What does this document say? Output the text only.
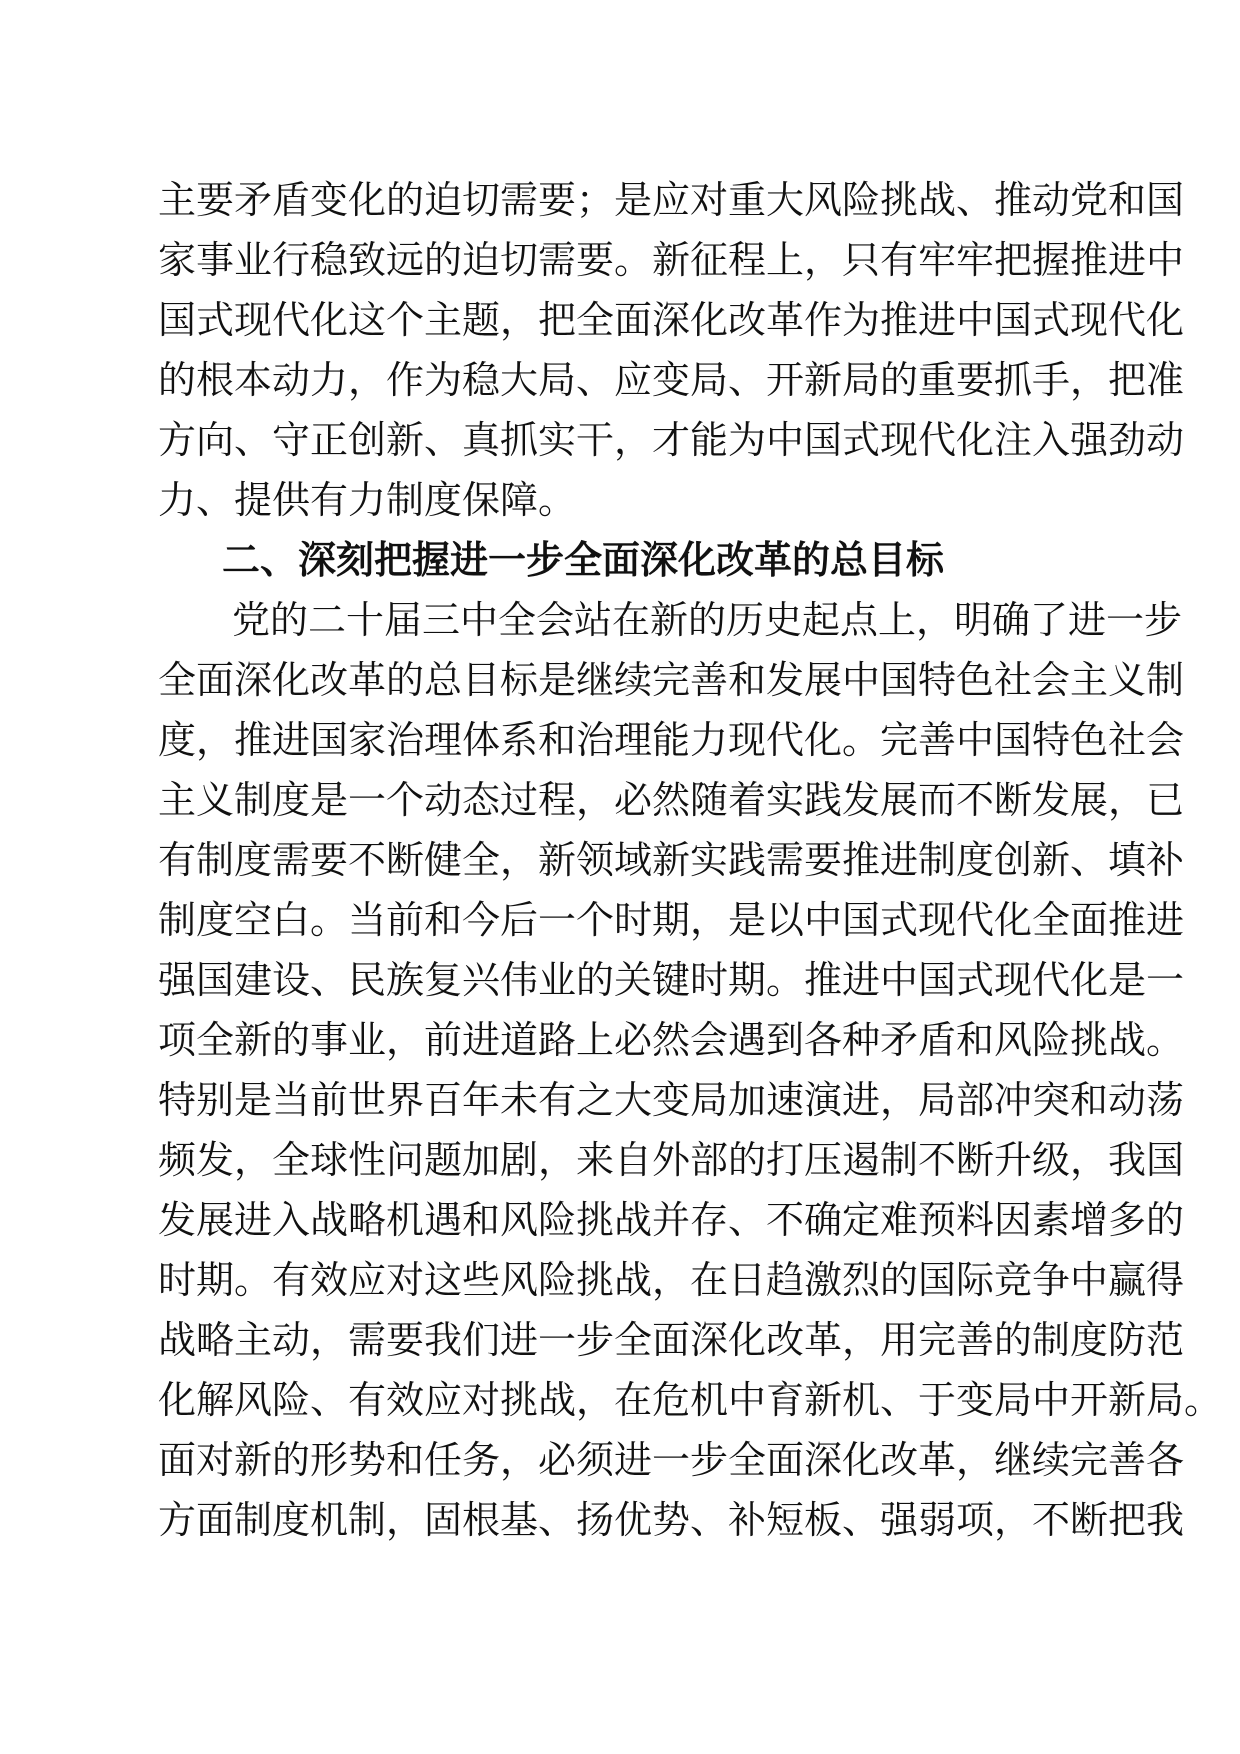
主要矛盾变化的迫切需要；是应对重大风险挑战、推动党和国
家事业行稳致远的迫切需要。新征程上，只有牢牢把握推进中
国式现代化这个主题，把全面深化改革作为推进中国式现代化
的根本动力，作为稳大局、应变局、开新局的重要抓手，把准
方向、守正创新、真抓实干，才能为中国式现代化注入强劲动
力、提供有力制度保障。
二、深刻把握进一步全面深化改革的总目标
党的二十届三中全会站在新的历史起点上，明确了进一步
全面深化改革的总目标是继续完善和发展中国特色社会主义制
度，推进国家治理体系和治理能力现代化。完善中国特色社会
主义制度是一个动态过程，必然随着实践发展而不断发展，已
有制度需要不断健全，新领域新实践需要推进制度创新、填补
制度空白。当前和今后一个时期，是以中国式现代化全面推进
强国建设、民族复兴伟业的关键时期。推进中国式现代化是一
项全新的事业，前进道路上必然会遇到各种矛盾和风险挑战。
特别是当前世界百年未有之大变局加速演进，局部冲突和动荡
频发，全球性问题加剧，来自外部的打压遏制不断升级，我国
发展进入战略机遇和风险挑战并存、不确定难预料因素增多的
时期。有效应对这些风险挑战，在日趋激烈的国际竞争中赢得
战略主动，需要我们进一步全面深化改革，用完善的制度防范
化解风险、有效应对挑战，在危机中育新机、于变局中开新局。
面对新的形势和任务，必须进一步全面深化改革，继续完善各
方面制度机制，固根基、扬优势、补短板、强弱项，不断把我
